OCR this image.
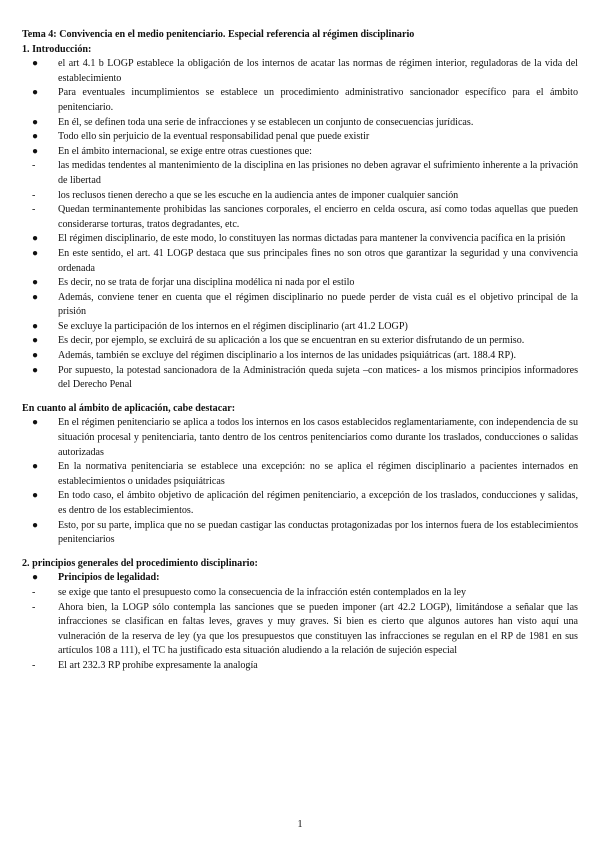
Tema 4: Convivencia en el medio penitenciario. Especial referencia al régimen disciplinario
1. Introducción:
●	el art 4.1 b LOGP establece la obligación de los internos de acatar las normas de régimen interior, reguladoras de la vida del establecimiento
●	Para eventuales incumplimientos se establece un procedimiento administrativo sancionador específico para el ámbito penitenciario.
●	En él, se definen toda una serie de infracciones y se establecen un conjunto de consecuencias jurídicas.
●	Todo ello sin perjuicio de la eventual responsabilidad penal que puede existir
●	En el ámbito internacional, se exige entre otras cuestiones que:
-	las medidas tendentes al mantenimiento de la disciplina en las prisiones no deben agravar el sufrimiento inherente a la privación de libertad
-	los reclusos tienen derecho a que se les escuche en la audiencia antes de imponer cualquier sanción
-	Quedan terminantemente prohibidas las sanciones corporales, el encierro en celda oscura, así como todas aquellas que pueden considerarse torturas, tratos degradantes, etc.
●	El régimen disciplinario, de este modo, lo constituyen las normas dictadas para mantener la convivencia pacífica en la prisión
●	En este sentido, el art. 41 LOGP destaca que sus principales fines no son otros que garantizar la seguridad y una convivencia ordenada
●	Es decir, no se trata de forjar una disciplina modélica ni nada por el estilo
●	Además, conviene tener en cuenta que el régimen disciplinario no puede perder de vista cuál es el objetivo principal de la prisión
●	Se excluye la participación de los internos en el régimen disciplinario (art 41.2 LOGP)
●	Es decir, por ejemplo, se excluirá de su aplicación a los que se encuentran en su exterior disfrutando de un permiso.
●	Además, también se excluye del régimen disciplinario a los internos de las unidades psiquiátricas (art. 188.4 RP).
●	Por supuesto, la potestad sancionadora de la Administración queda sujeta –con matices- a los mismos principios informadores del Derecho Penal
En cuanto al ámbito de aplicación, cabe destacar:
●	En el régimen penitenciario se aplica a todos los internos en los casos establecidos reglamentariamente, con independencia de su situación procesal y penitenciaria, tanto dentro de los centros penitenciarios como durante los traslados, conducciones o salidas autorizadas
●	En la normativa penitenciaria se establece una excepción: no se aplica el régimen disciplinario a pacientes internados en establecimientos o unidades psiquiátricas
●	En todo caso, el ámbito objetivo de aplicación del régimen penitenciario, a excepción de los traslados, conducciones y salidas, es dentro de los establecimientos.
●	Esto, por su parte, implica que no se puedan castigar las conductas protagonizadas por los internos fuera de los establecimientos penitenciarios
2. principios generales del procedimiento disciplinario:
●	Principios de legalidad:
-	se exige que tanto el presupuesto como la consecuencia de la infracción estén contemplados en la ley
-	Ahora bien, la LOGP sólo contempla las sanciones que se pueden imponer (art 42.2 LOGP), limitándose a señalar que las infracciones se clasifican en faltas leves, graves y muy graves. Si bien es cierto que algunos autores han visto aquí una vulneración de la reserva de ley (ya que los presupuestos que constituyen las infracciones se regulan en el RP de 1981 en sus artículos 108 a 111), el TC ha justificado esta situación aludiendo a la relación de sujeción especial
-	El art 232.3 RP prohíbe expresamente la analogía
1
